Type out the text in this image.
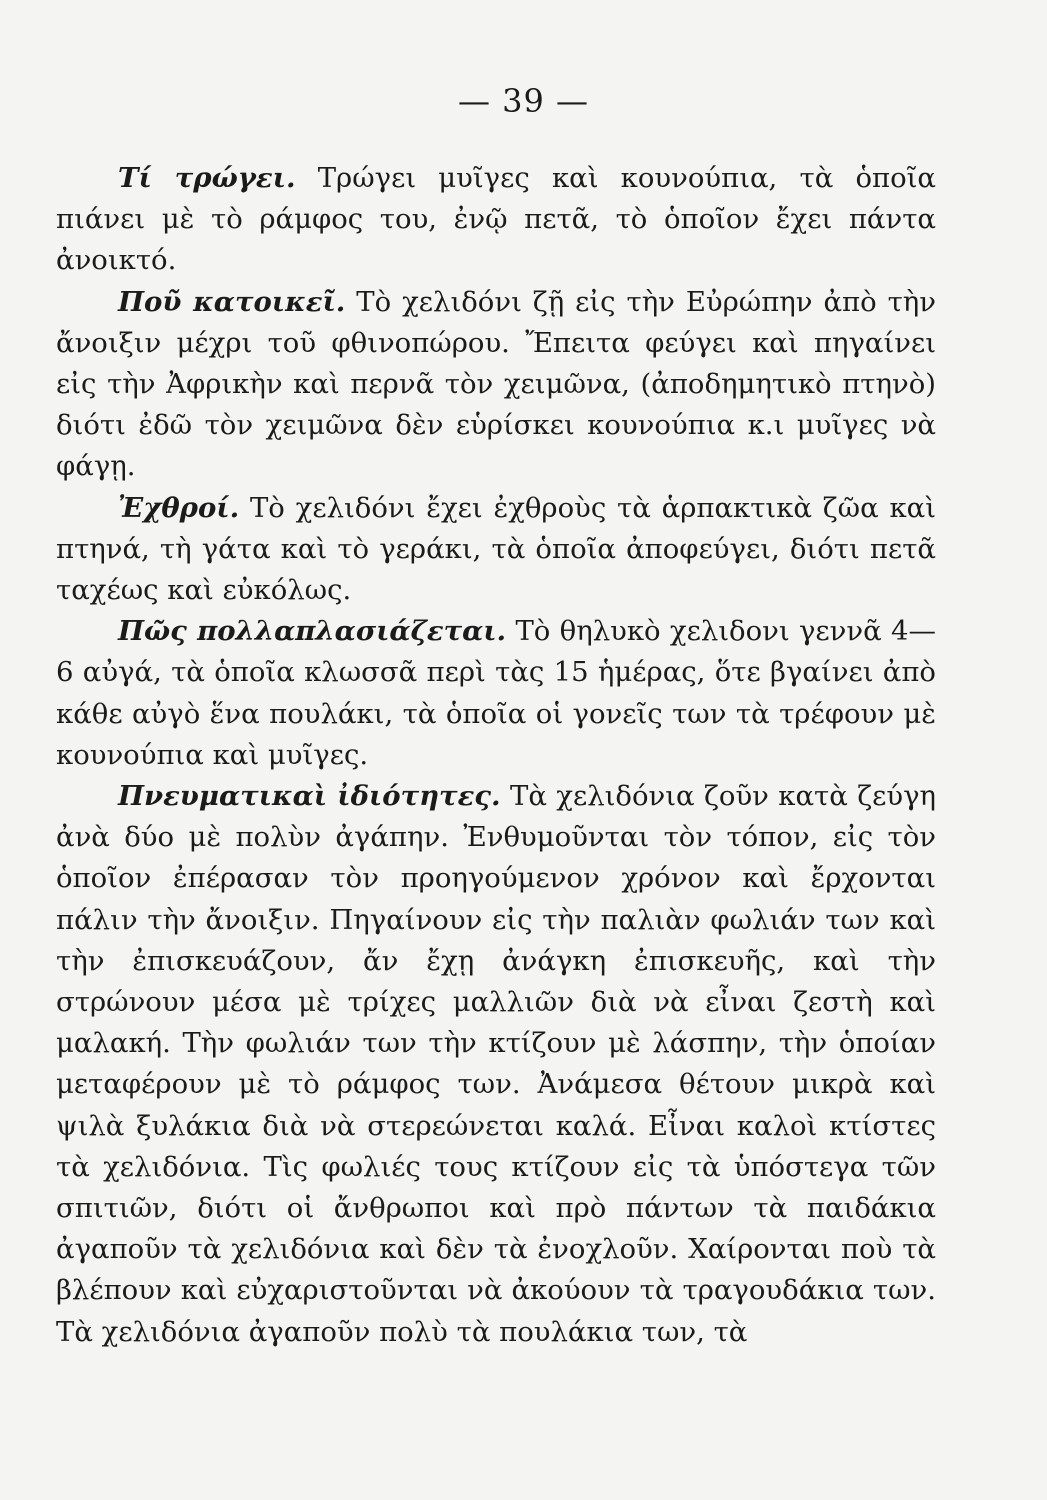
— 39 —

Τί τρώγει. Τρώγει μυῖγες καὶ κουνούπια, τὰ ὁποῖα πιάνει μὲ τὸ ράμφος του, ἐνῷ πετᾶ, τὸ ὁποῖον ἔχει πάντα ἀνοικτό.

Ποῦ κατοικεῖ. Τὸ χελιδόνι ζῇ εἰς τὴν Εὐρώπην ἀπὸ τὴν ἄνοιξιν μέχρι τοῦ φθινοπώρου. Ἔπειτα φεύγει καὶ πηγαίνει εἰς τὴν Ἀφρικὴν καὶ περνᾶ τὸν χειμῶνα, (ἀποδημητικὸ πτηνὸ) διότι ἐδῶ τὸν χειμῶνα δὲν εὑρίσκει κουνούπια κ.ι μυῖγες νὰ φάγῃ.

Ἐχθροί. Τὸ χελιδόνι ἔχει ἐχθροὺς τὰ ἁρπακτικὰ ζῶα καὶ πτηνά, τὴ γάτα καὶ τὸ γεράκι, τὰ ὁποῖα ἀποφεύγει, διότι πετᾶ ταχέως καὶ εὐκόλως.

Πῶς πολλαπλασιάζεται. Τὸ θηλυκὸ χελιδονι γεννᾶ 4—6 αὐγά, τὰ ὁποῖα κλωσσᾶ περὶ τὰς 15 ἡμέρας, ὅτε βγαίνει ἀπὸ κάθε αὐγὸ ἕνα πουλάκι, τὰ ὁποῖα οἱ γονεῖς των τὰ τρέφουν μὲ κουνούπια καὶ μυῖγες.

Πνευματικαὶ ἰδιότητες. Τὰ χελιδόνια ζοῦν κατὰ ζεύγη ἀνὰ δύο μὲ πολὺν ἀγάπην. Ἐνθυμοῦνται τὸν τόπον, εἰς τὸν ὁποῖον ἐπέρασαν τὸν προηγούμενον χρόνον καὶ ἔρχονται πάλιν τὴν ἄνοιξιν. Πηγαίνουν εἰς τὴν παλιὰν φωλιάν των καὶ τὴν ἐπισκευάζουν, ἄν ἔχῃ ἀνάγκη ἐπισκευῆς, καὶ τὴν στρώνουν μέσα μὲ τρίχες μαλλιῶν διὰ νὰ εἶναι ζεστὴ καὶ μαλακή. Τὴν φωλιάν των τὴν κτίζουν μὲ λάσπην, τὴν ὁποίαν μεταφέρουν μὲ τὸ ράμφος των. Ἀνάμεσα θέτουν μικρὰ καὶ ψιλὰ ξυλάκια διὰ νὰ στερεώνεται καλά. Εἶναι καλοὶ κτίστες τὰ χελιδόνια. Τὶς φωλιές τους κτίζουν εἰς τὰ ὑπόστεγα τῶν σπιτιῶν, διότι οἱ ἄνθρωποι καὶ πρὸ πάντων τὰ παιδάκια ἀγαποῦν τὰ χελιδόνια καὶ δὲν τὰ ἐνοχλοῦν. Χαίρονται ποὺ τὰ βλέπουν καὶ εὐχαριστοῦνται νὰ ἀκούουν τὰ τραγουδάκια των. Τὰ χελιδόνια ἀγαποῦν πολὺ τὰ πουλάκια των, τὰ
